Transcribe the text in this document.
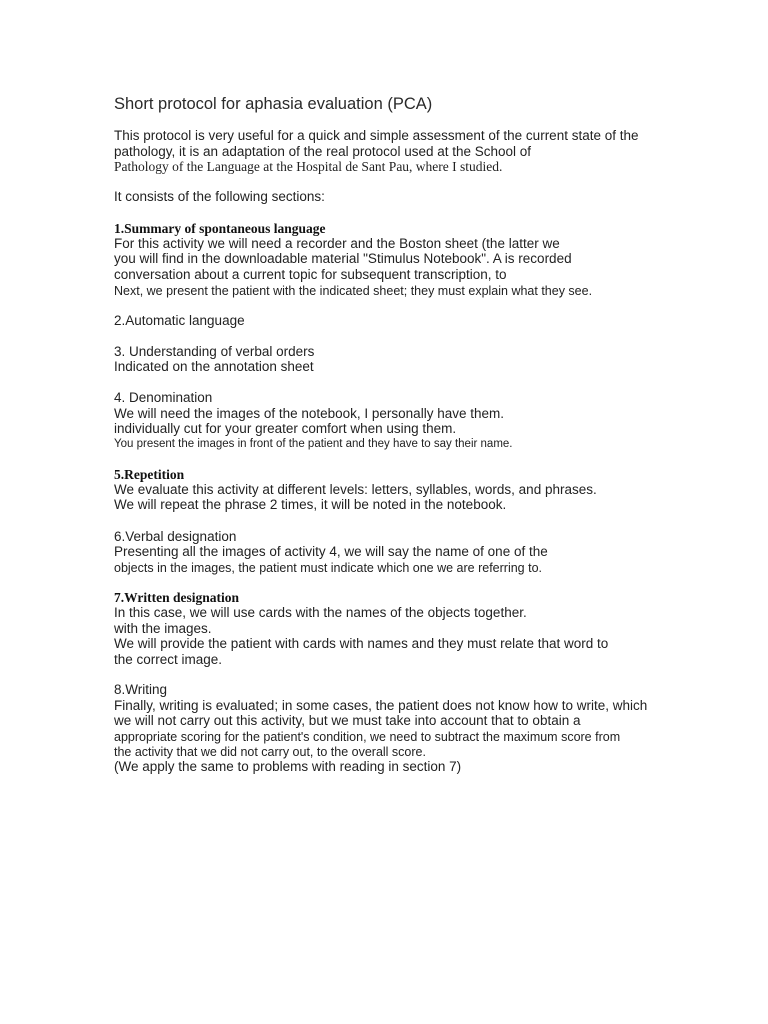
Short protocol for aphasia evaluation (PCA)
This protocol is very useful for a quick and simple assessment of the current state of the
pathology, it is an adaptation of the real protocol used at the School of
Pathology of the Language at the Hospital de Sant Pau, where I studied.
It consists of the following sections:
1.Summary of spontaneous language
For this activity we will need a recorder and the Boston sheet (the latter we
you will find in the downloadable material "Stimulus Notebook". A is recorded
conversation about a current topic for subsequent transcription, to
Next, we present the patient with the indicated sheet; they must explain what they see.
2.Automatic language
3. Understanding of verbal orders
Indicated on the annotation sheet
4. Denomination
We will need the images of the notebook, I personally have them.
individually cut for your greater comfort when using them.
You present the images in front of the patient and they have to say their name.
5.Repetition
We evaluate this activity at different levels: letters, syllables, words, and phrases.
We will repeat the phrase 2 times, it will be noted in the notebook.
6.Verbal designation
Presenting all the images of activity 4, we will say the name of one of the
objects in the images, the patient must indicate which one we are referring to.
7.Written designation
In this case, we will use cards with the names of the objects together.
with the images.
We will provide the patient with cards with names and they must relate that word to
the correct image.
8.Writing
Finally, writing is evaluated; in some cases, the patient does not know how to write, which
we will not carry out this activity, but we must take into account that to obtain a
appropriate scoring for the patient's condition, we need to subtract the maximum score from
the activity that we did not carry out, to the overall score.
(We apply the same to problems with reading in section 7)
